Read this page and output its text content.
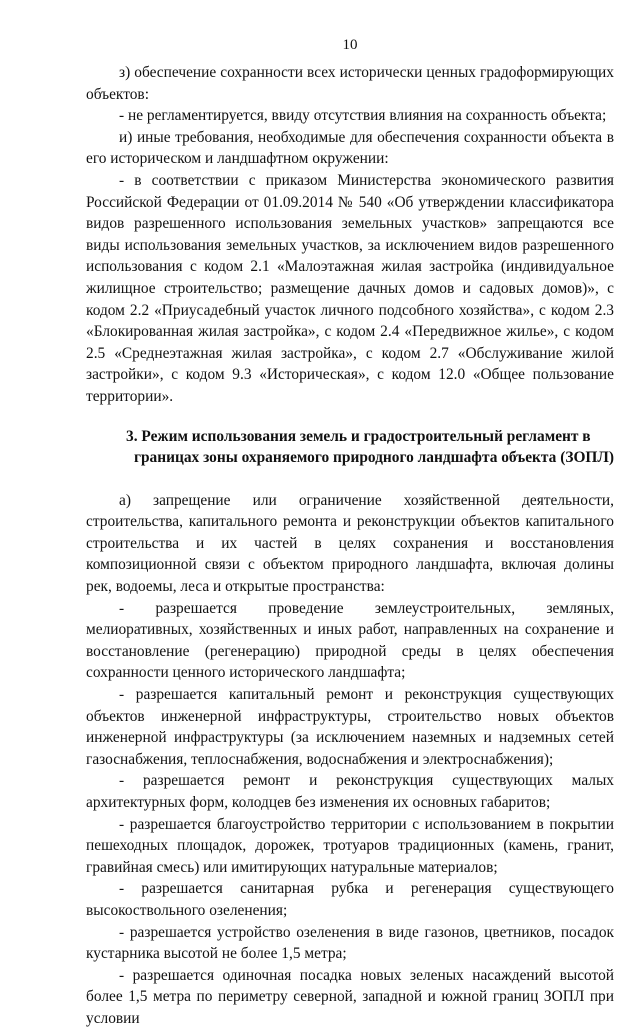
10

з) обеспечение сохранности всех исторически ценных градоформирующих объектов:

- не регламентируется, ввиду отсутствия влияния на сохранность объекта;

и) иные требования, необходимые для обеспечения сохранности объекта в его историческом и ландшафтном окружении:

- в соответствии с приказом Министерства экономического развития Российской Федерации от 01.09.2014 № 540 «Об утверждении классификатора видов разрешенного использования земельных участков» запрещаются все виды использования земельных участков, за исключением видов разрешенного использования с кодом 2.1 «Малоэтажная жилая застройка (индивидуальное жилищное строительство; размещение дачных домов и садовых домов)», с кодом 2.2 «Приусадебный участок личного подсобного хозяйства», с кодом 2.3 «Блокированная жилая застройка», с кодом 2.4 «Передвижное жилье», с кодом 2.5 «Среднеэтажная жилая застройка», с кодом 2.7 «Обслуживание жилой застройки», с кодом 9.3 «Историческая», с кодом 12.0 «Общее пользование территории».

3. Режим использования земель и градостроительный регламент в
границах зоны охраняемого природного ландшафта объекта (ЗОПЛ)

а) запрещение или ограничение хозяйственной деятельности, строительства, капитального ремонта и реконструкции объектов капитального строительства и их частей в целях сохранения и восстановления композиционной связи с объектом природного ландшафта, включая долины рек, водоемы, леса и открытые пространства:

- разрешается проведение землеустроительных, земляных, мелиоративных, хозяйственных и иных работ, направленных на сохранение и восстановление (регенерацию) природной среды в целях обеспечения сохранности ценного исторического ландшафта;

- разрешается капитальный ремонт и реконструкция существующих объектов инженерной инфраструктуры, строительство новых объектов инженерной инфраструктуры (за исключением наземных и надземных сетей газоснабжения, теплоснабжения, водоснабжения и электроснабжения);

- разрешается ремонт и реконструкция существующих малых архитектурных форм, колодцев без изменения их основных габаритов;

- разрешается благоустройство территории с использованием в покрытии пешеходных площадок, дорожек, тротуаров традиционных (камень, гранит, гравийная смесь) или имитирующих натуральные материалов;

- разрешается санитарная рубка и регенерация существующего высокоствольного озеленения;

- разрешается устройство озеленения в виде газонов, цветников, посадок кустарника высотой не более 1,5 метра;

- разрешается одиночная посадка новых зеленых насаждений высотой более 1,5 метра по периметру северной, западной и южной границ ЗОПЛ при условии
